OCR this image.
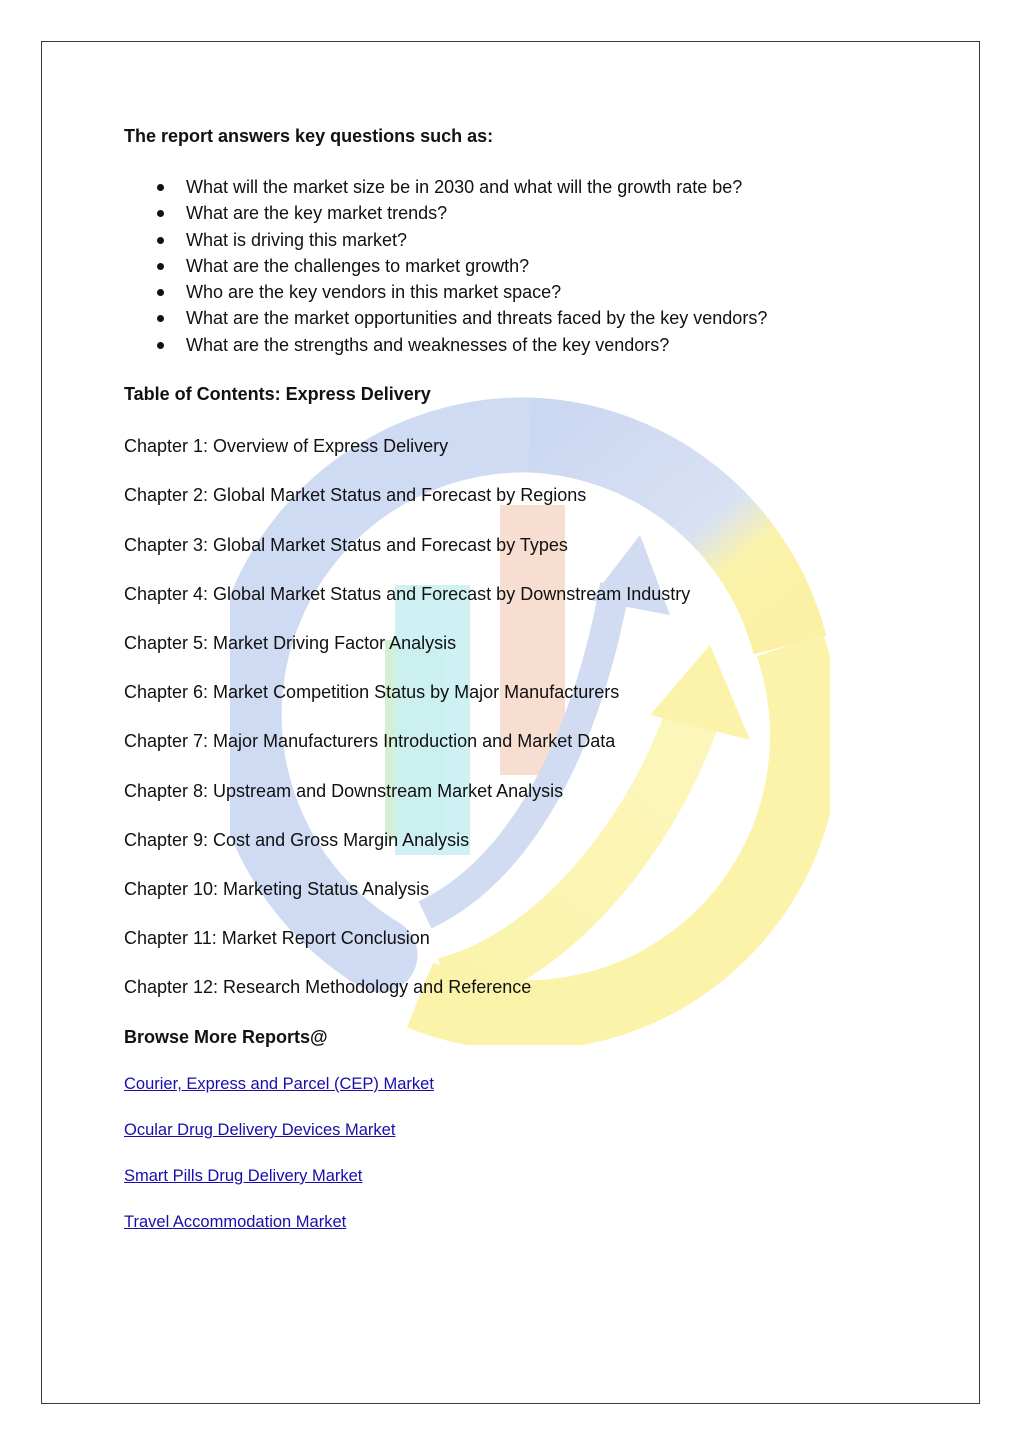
The report answers key questions such as:
What will the market size be in 2030 and what will the growth rate be?
What are the key market trends?
What is driving this market?
What are the challenges to market growth?
Who are the key vendors in this market space?
What are the market opportunities and threats faced by the key vendors?
What are the strengths and weaknesses of the key vendors?
Table of Contents: Express Delivery
Chapter 1: Overview of Express Delivery
Chapter 2: Global Market Status and Forecast by Regions
Chapter 3: Global Market Status and Forecast by Types
Chapter 4: Global Market Status and Forecast by Downstream Industry
Chapter 5: Market Driving Factor Analysis
Chapter 6: Market Competition Status by Major Manufacturers
Chapter 7: Major Manufacturers Introduction and Market Data
Chapter 8: Upstream and Downstream Market Analysis
Chapter 9: Cost and Gross Margin Analysis
Chapter 10: Marketing Status Analysis
Chapter 11: Market Report Conclusion
Chapter 12: Research Methodology and Reference
Browse More Reports@
Courier, Express and Parcel (CEP) Market
Ocular Drug Delivery Devices Market
Smart Pills Drug Delivery Market
Travel Accommodation Market
